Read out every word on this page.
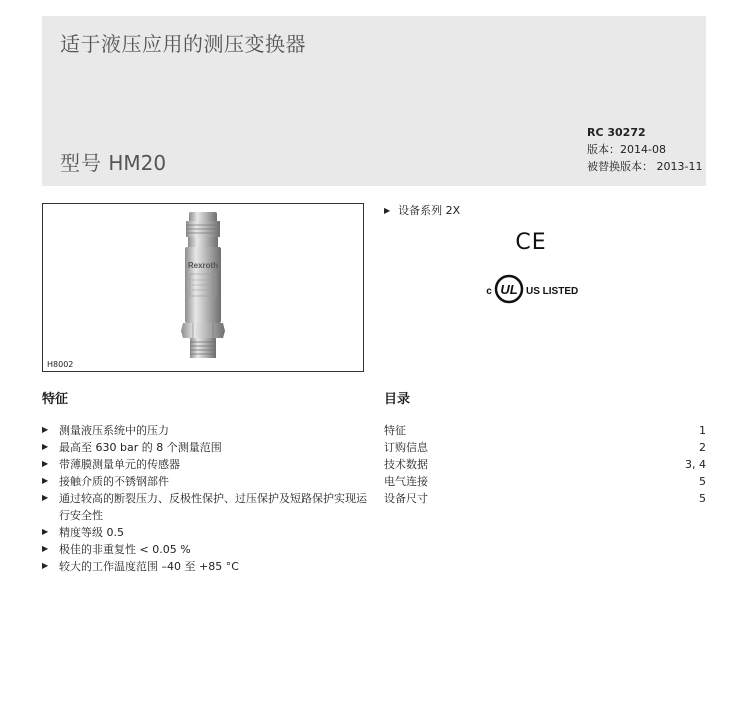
适于液压应用的测压变换器
型号 HM20
RC 30272
版本：2014-08
被替换版本： 2013-11
Rexroth
H8002
▶ 设备系列 2X
CE
c UL US LISTED
特征	目录
▶ 测量液压系统中的压力
▶ 最高至 630 bar 的 8 个测量范围
▶ 带薄膜测量单元的传感器
▶ 接触介质的不锈钢部件
▶ 通过较高的断裂压力、反极性保护、过压保护及短路保护实现运行安全性
▶ 精度等级 0.5
▶ 极佳的非重复性 < 0.05 %
▶ 较大的工作温度范围 –40 至 +85 °C
特征	1
订购信息	2
技术数据	3, 4
电气连接	5
设备尺寸	5
